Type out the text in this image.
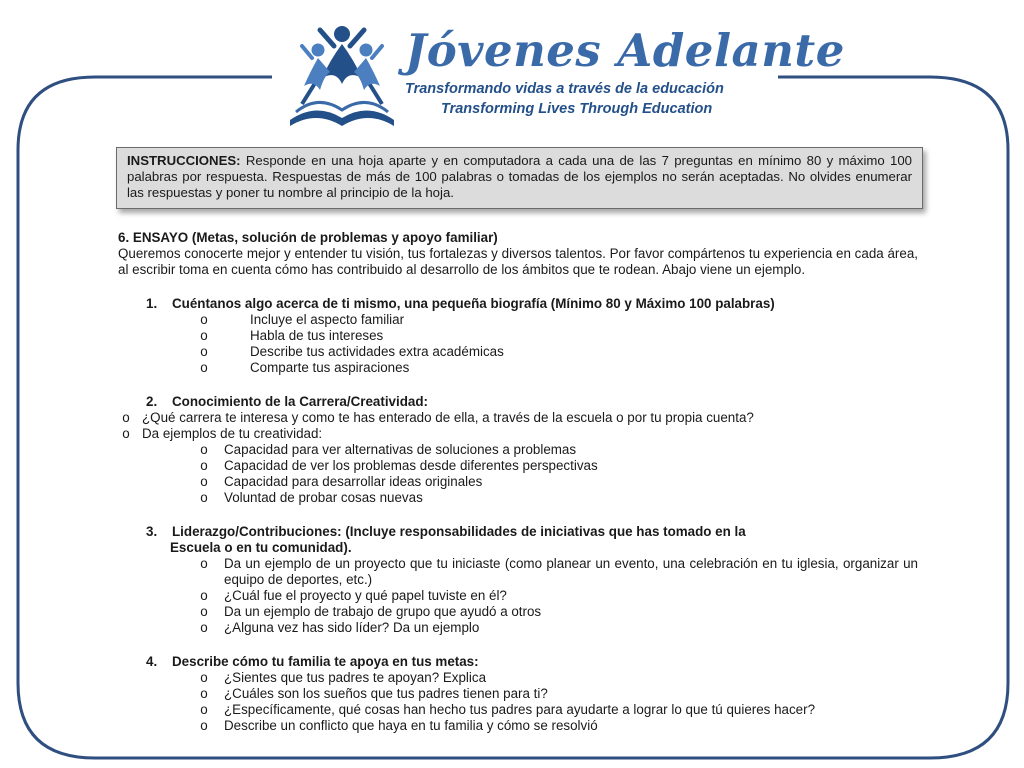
Jóvenes Adelante
Transformando vidas a través de la educación
Transforming Lives Through Education
INSTRUCCIONES: Responde en una hoja aparte y en computadora a cada una de las 7 preguntas en mínimo 80 y máximo 100 palabras por respuesta. Respuestas de más de 100 palabras o tomadas de los ejemplos no serán aceptadas. No olvides enumerar las respuestas y poner tu nombre al principio de la hoja.
6. ENSAYO (Metas, solución de problemas y apoyo familiar)

Queremos conocerte mejor y entender tu visión, tus fortalezas y diversos talentos. Por favor compártenos tu experiencia en cada área, al escribir toma en cuenta cómo has contribuido al desarrollo de los ámbitos que te rodean. Abajo viene un ejemplo.

1. Cuéntanos algo acerca de ti mismo, una pequeña biografía (Mínimo 80 y Máximo 100 palabras)
o	Incluye el aspecto familiar
o	Habla de tus intereses
o	Describe tus actividades extra académicas
o	Comparte tus aspiraciones
2. Conocimiento de la Carrera/Creatividad:
o ¿Qué carrera te interesa y como te has enterado de ella, a través de la escuela o por tu propia cuenta?
o Da ejemplos de tu creatividad:
o Capacidad para ver alternativas de soluciones a problemas
o Capacidad de ver los problemas desde diferentes perspectivas
o Capacidad para desarrollar ideas originales
o Voluntad de probar cosas nuevas
3. Liderazgo/Contribuciones: (Incluye responsabilidades de iniciativas que has tomado en la
Escuela o en tu comunidad).
o Da un ejemplo de un proyecto que tu iniciaste (como planear un evento, una celebración en tu iglesia, organizar un equipo de deportes, etc.)
o ¿Cuál fue el proyecto y qué papel tuviste en él?
o Da un ejemplo de trabajo de grupo que ayudó a otros
o ¿Alguna vez has sido líder? Da un ejemplo
4. Describe cómo tu familia te apoya en tus metas:
o ¿Sientes que tus padres te apoyan? Explica
o ¿Cuáles son los sueños que tus padres tienen para ti?
o ¿Específicamente, qué cosas han hecho tus padres para ayudarte a lograr lo que tú quieres hacer?
o Describe un conflicto que haya en tu familia y cómo se resolvió
